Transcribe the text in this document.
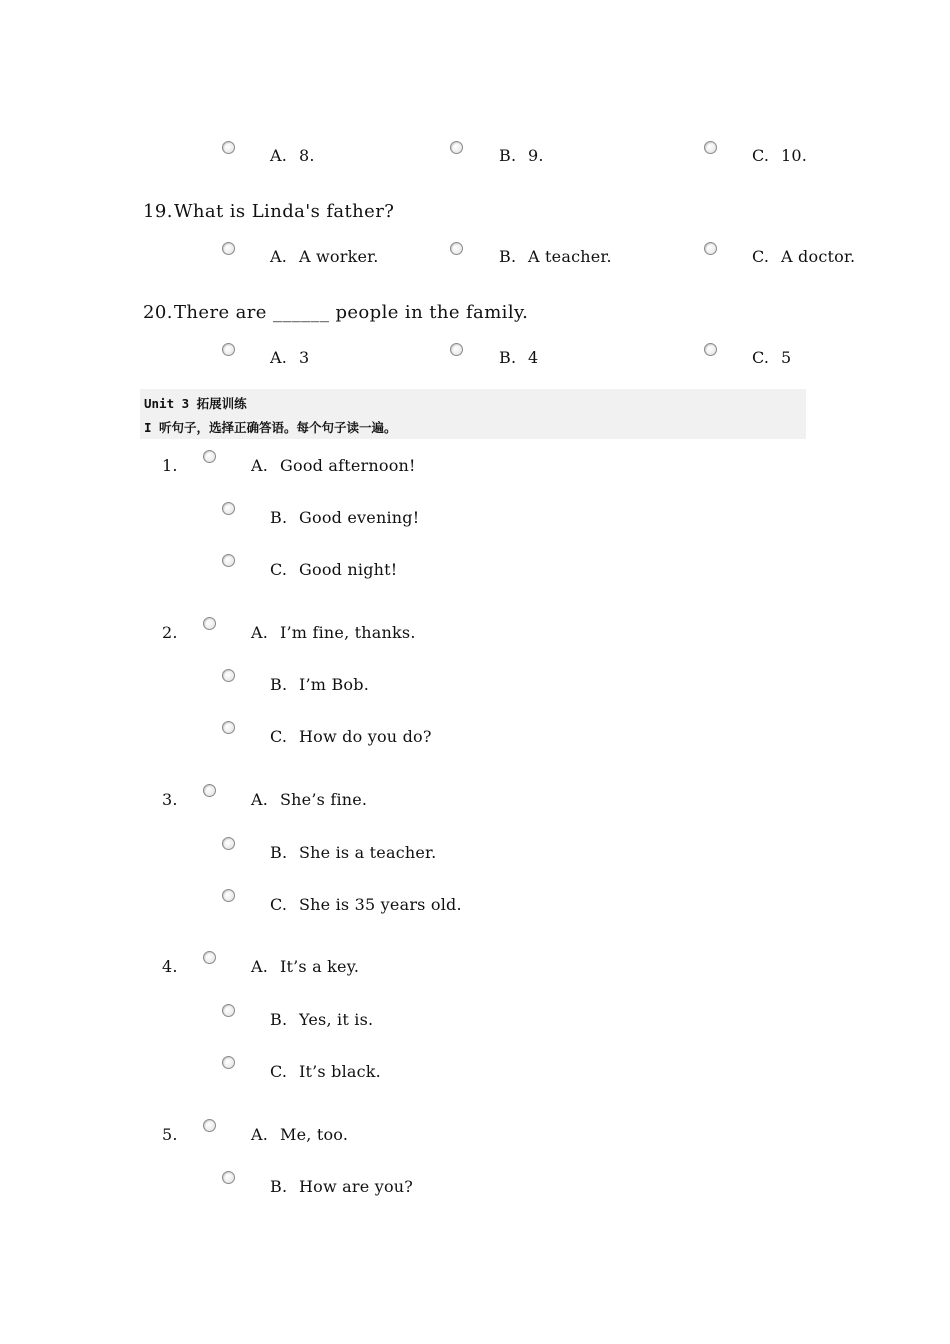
A. 8.	B. 9.	C. 10.
19. What is Linda's father?
A. A worker.	B. A teacher.	C. A doctor.
20. There are ______ people in the family.
A. 3	B. 4	C. 5
Unit 3 拓展训练
I 听句子，选择正确答语。每个句子读一遍。
1.	A. Good afternoon!
B. Good evening!
C. Good night!
2.	A. I’m fine, thanks.
B. I’m Bob.
C. How do you do?
3.	A. She’s fine.
B. She is a teacher.
C. She is 35 years old.
4.	A. It’s a key.
B. Yes, it is.
C. It’s black.
5.	A. Me, too.
B. How are you?
